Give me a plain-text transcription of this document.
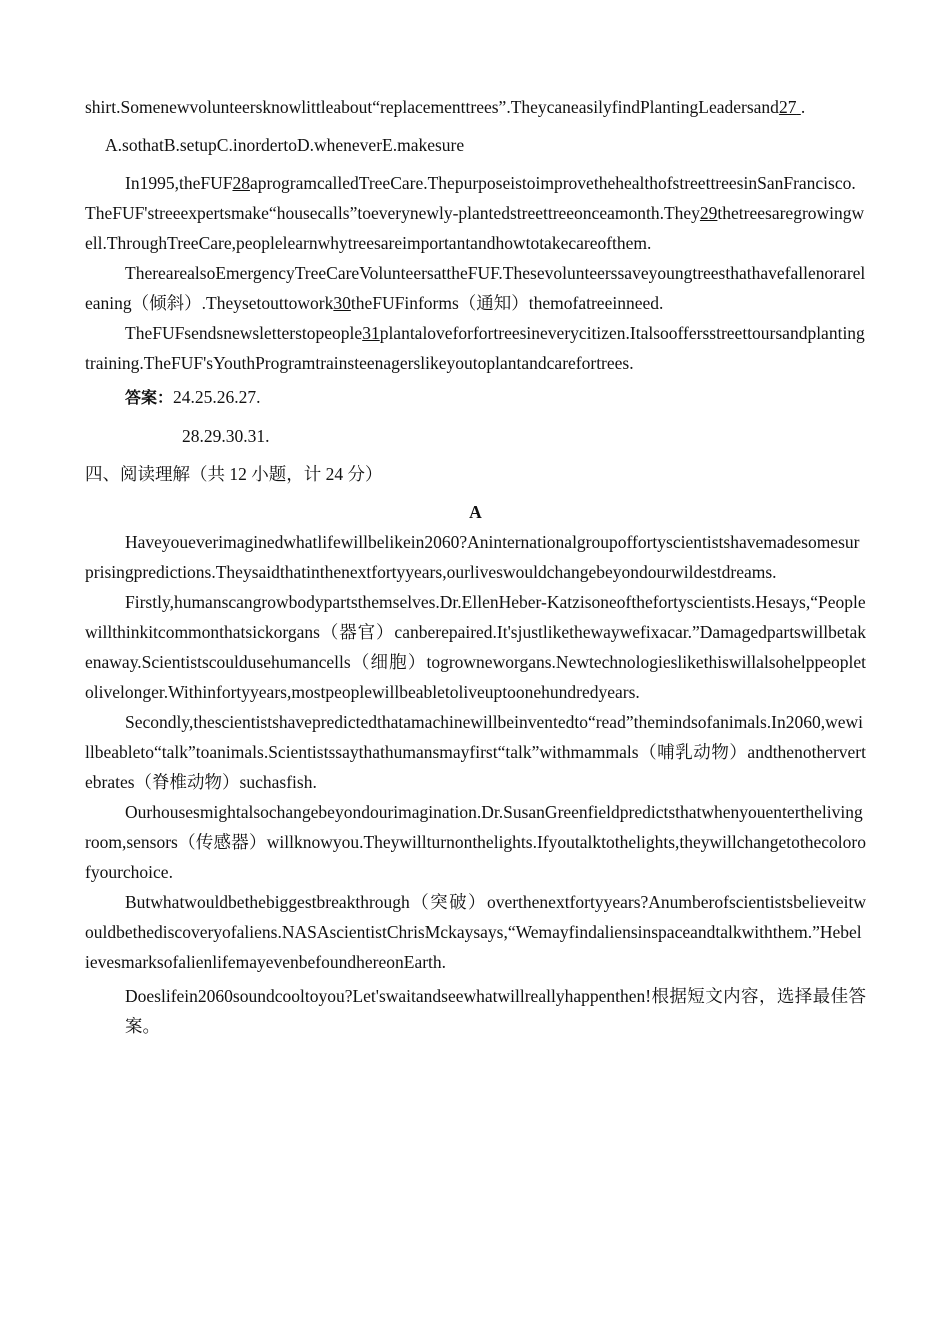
shirt.Somenewvolunteersknowlittleabout“replacementtrees”.TheycaneasilyfindPlantingLeadersand27 .

A.sothatB.setupC.inordertoD.wheneverE.makesure

In1995,theFUF28aprogramcalledTreeCare.ThepurposeistoimprovethehealthofstreettreesinSanFrancisco.TheFUF'streeexpertsmake“housecalls”toeverynewly-plantedstreettreeonceamonth.They29thetreesaregrowingwell.ThroughTreeCare,peoplelearnwhytreesareimportantandhowtotakecareofthem.

TherearealsoEmergencyTreeCareVolunteersattheFUF.Thesevolunteerssaveyoungtreesthathavefallenorareleaning（倾斜）.Theysetouttowork30theFUFinforms（通知）themofatreeinneed.

TheFUFsendsnewsletterstopeople31plantaloveforfortreesineverycitizen.Italsooffersstreettoursandplantingtraining.TheFUF'sYouthProgramtrainsteenagerslikeyoutoplantandcarefortrees.

答案：24.25.26.27.

28.29.30.31.

四、阅读理解（共 12 小题，计 24 分）

A

Haveyoueverimaginedwhatlifewillbelikein2060?Aninternationalgroupoffortyscientistshavemadesomesurprisingpredictions.Theysaidthatinthenextfortyyears,ourliveswouldchangebeyondourwildestdreams.

Firstly,humanscangrowbodypartsthemselves.Dr.EllenHeber-Katzisoneofthefortyscientists.Hesays,“Peoplewillthinkitcommonthatsickorgans（器官）canberepaired.It'sjustlikethewaywefixacar.”Damagedpartswillbetakenaway.Scientistscouldusehumancells（细胞）togrowneworgans.Newtechnologieslikethiswillalsohelppeopletolivelonger.Withinfortyyears,mostpeoplewillbeabletoliveuptoonehundredyears.

Secondly,thescientistshavepredictedthatamachinewillbeinventedto“read”themindsofanimals.In2060,wewillbeableto“talk”toanimals.Scientistssaythathumansmayfirst“talk”withmammals（哺乳动物）andthenothervertebrates（脊椎动物）suchasfish.

Ourhousesmightalsochangebeyondourimagination.Dr.SusanGreenfieldpredictsthatwhenyouenterthelivingroom,sensors（传感器）willknowyou.Theywillturnonthelights.Ifyoutalktothelights,theywillchangetothecolorofyourchoice.

Butwhatwouldbethebiggestbreakthrough（突破）overthenextfortyyears?Anumberofscientistsbelieveitwouldbethediscoveryofaliens.NASAscientistChrisMckaysays,“Wemayfindaliensinspaceandtalkwiththem.”HebelievesmarksofalienlifemayevenbefoundhereonEarth.

Doeslifein2060soundcooltoyou?Let'swaitandseewhatwillreallyhappenthen!根据短文内容，选择最佳答案。
